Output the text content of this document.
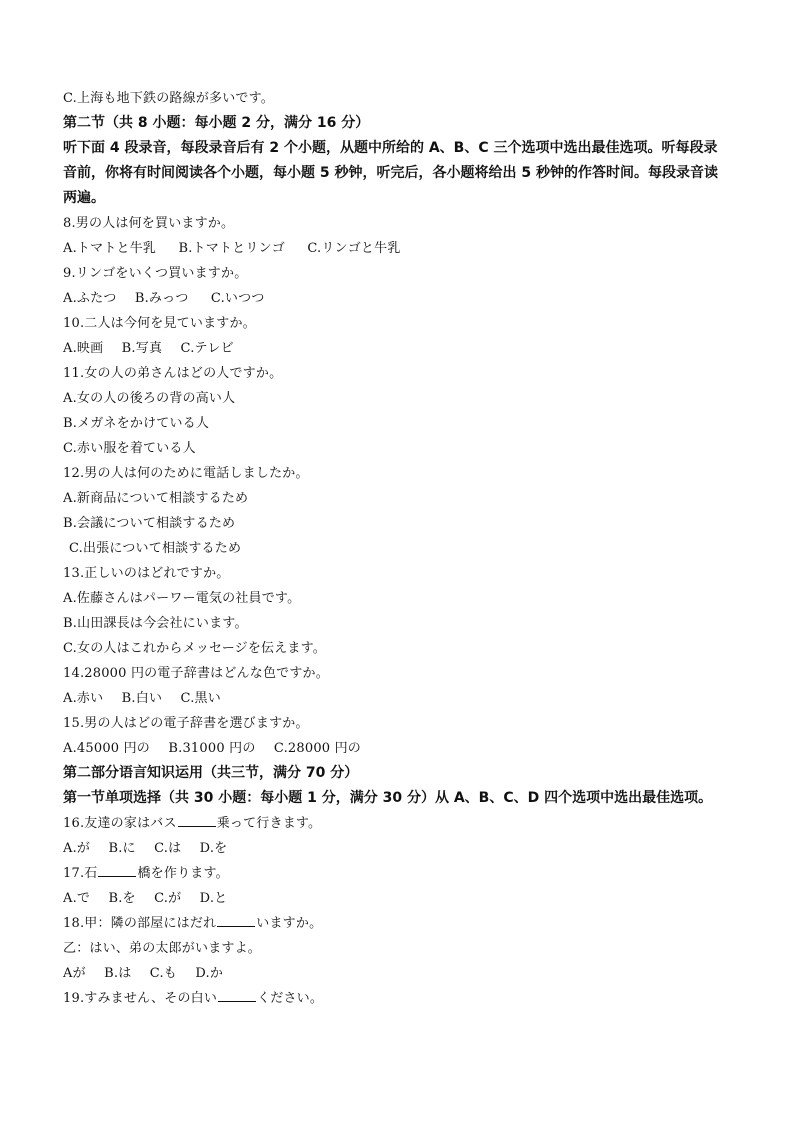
C.上海も地下鉄の路線が多いです。
第二节（共 8 小题：每小题 2 分，满分 16 分）
听下面 4 段录音，每段录音后有 2 个小题，从题中所给的 A、B、C 三个选项中选出最佳选项。听每段录音前，你将有时间阅读各个小题，每小题 5 秒钟，听完后，各小题将给出 5 秒钟的作答时间。每段录音读两遍。
8.男の人は何を買いますか。
A.トマトと牛乳 B.トマトとリンゴ C.リンゴと牛乳
9.リンゴをいくつ買いますか。
A.ふたつ B.みっつ C.いつつ
10.二人は今何を見ていますか。
A.映画 B.写真 C.テレビ
11.女の人の弟さんはどの人ですか。
A.女の人の後ろの背の高い人
B.メガネをかけている人
C.赤い服を着ている人
12.男の人は何のために電話しましたか。
A.新商品について相談するため
B.会議について相談するため
C.出張について相談するため
13.正しいのはどれですか。
A.佐藤さんはパーワー電気の社員です。
B.山田課長は今会社にいます。
C.女の人はこれからメッセージを伝えます。
14.28000 円の電子辞書はどんな色ですか。
A.赤い B.白い C.黒い
15.男の人はどの電子辞書を選びますか。
A.45000 円の B.31000 円の C.28000 円の
第二部分语言知识运用（共三节，满分 70 分）
第一节单项选择（共 30 小题：每小题 1 分，满分 30 分）从 A、B、C、D 四个选项中选出最佳选项。
16.友達の家はバス	乗って行きます。
A.が B.に C.は D.を
17.石	橋を作ります。
A.で B.を C.が D.と
18.甲：隣の部屋にはだれ	いますか。
乙：はい、弟の太郎がいますよ。
Aが B.は C.も D.か
19.すみません、その白い	ください。
